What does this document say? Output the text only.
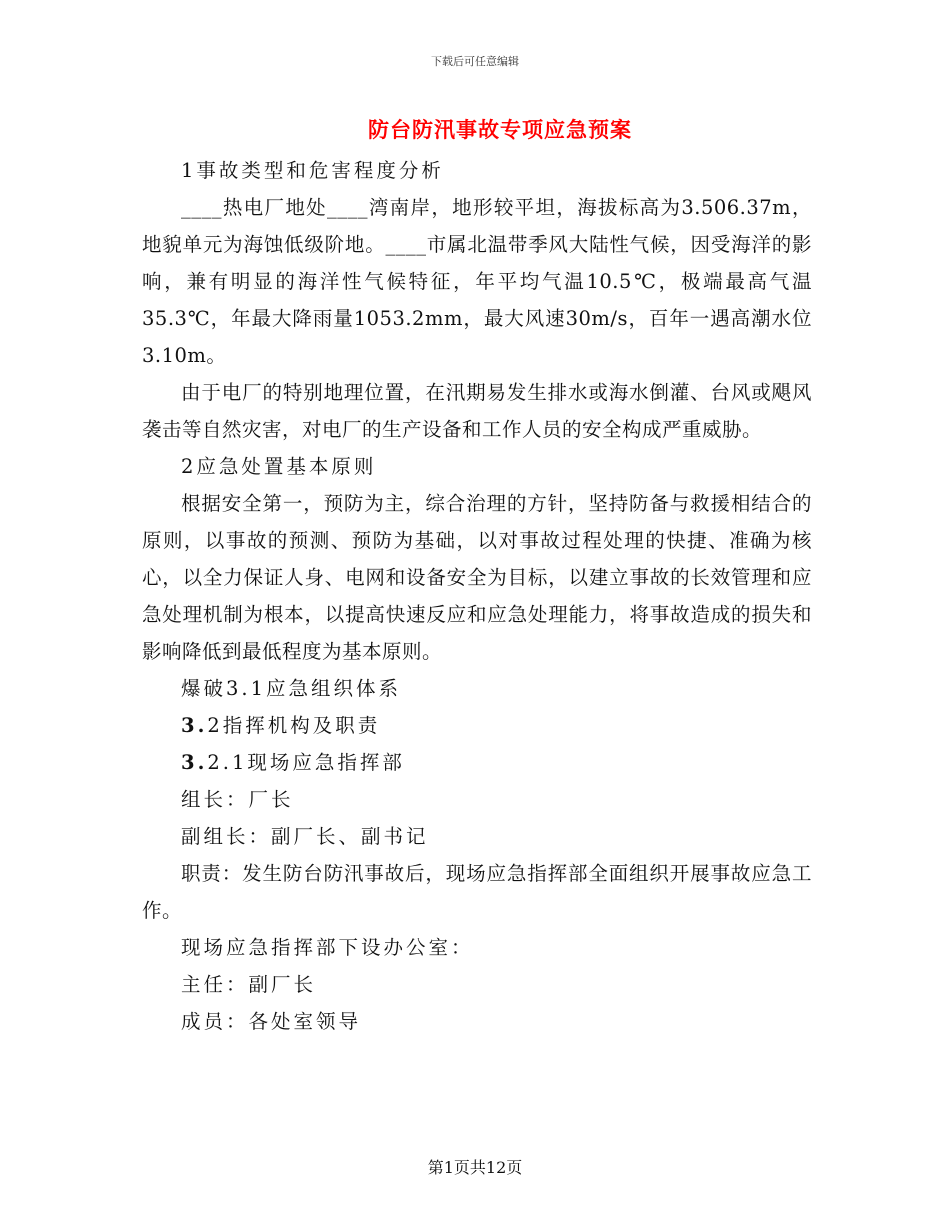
下载后可任意编辑
防台防汛事故专项应急预案

1事故类型和危害程度分析

____热电厂地处____湾南岸，地形较平坦，海拔标高为3.506.37m，地貌单元为海蚀低级阶地。____市属北温带季风大陆性气候，因受海洋的影响，兼有明显的海洋性气候特征，年平均气温10.5℃，极端最高气温35.3℃，年最大降雨量1053.2mm，最大风速30m/s，百年一遇高潮水位3.10m。

由于电厂的特别地理位置，在汛期易发生排水或海水倒灌、台风或飓风袭击等自然灾害，对电厂的生产设备和工作人员的安全构成严重威胁。

2应急处置基本原则

根据安全第一，预防为主，综合治理的方针，坚持防备与救援相结合的原则，以事故的预测、预防为基础，以对事故过程处理的快捷、准确为核心，以全力保证人身、电网和设备安全为目标，以建立事故的长效管理和应急处理机制为根本，以提高快速反应和应急处理能力，将事故造成的损失和影响降低到最低程度为基本原则。

爆破3.1应急组织体系

3.2指挥机构及职责

3.2.1现场应急指挥部

组长：厂长

副组长：副厂长、副书记

职责：发生防台防汛事故后，现场应急指挥部全面组织开展事故应急工作。

现场应急指挥部下设办公室：

主任：副厂长

成员：各处室领导

第1页共12页
